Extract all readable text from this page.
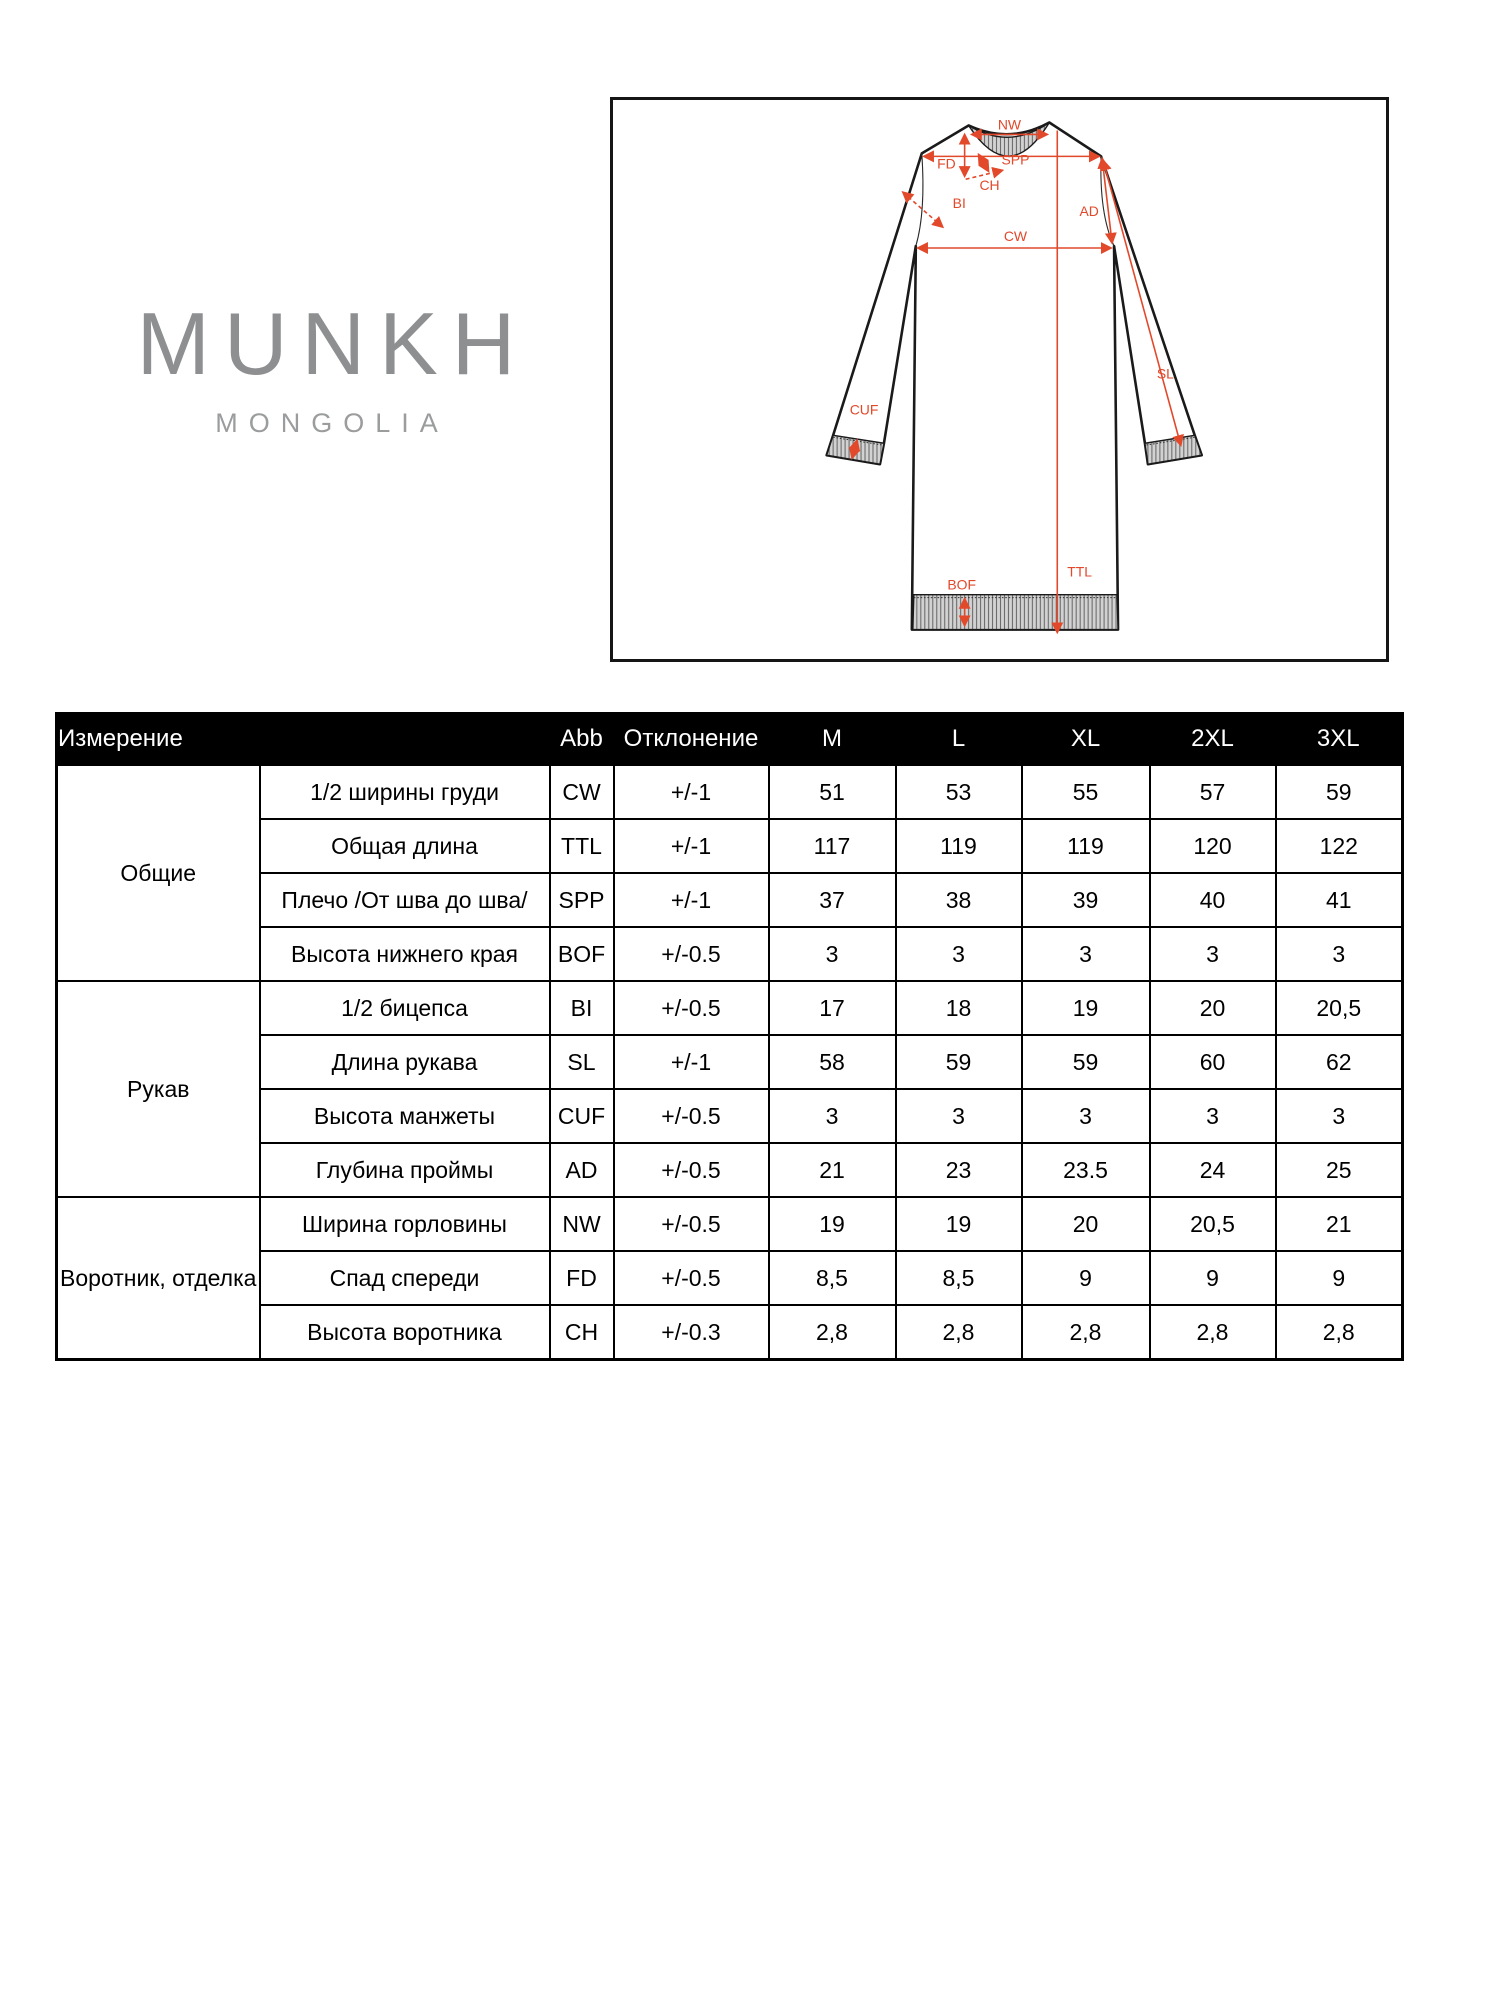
MUNKH
MONGOLIA
NW
SPP
FD
CH
BI	AD
CW
SL
TTL
BOF
CUF
Измерение		Abb	Отклонение	M	L	XL	2XL	3XL
Общие	1/2 ширины груди	CW	+/-1	51	53	55	57	59
	Общая длина	TTL	+/-1	117	119	119	120	122
	Плечо /От шва до шва/	SPP	+/-1	37	38	39	40	41
	Высота нижнего края	BOF	+/-0.5	3	3	3	3	3
Рукав	1/2 бицепса	BI	+/-0.5	17	18	19	20	20,5
	Длина рукава	SL	+/-1	58	59	59	60	62
	Высота манжеты	CUF	+/-0.5	3	3	3	3	3
	Глубина проймы	AD	+/-0.5	21	23	23.5	24	25
Воротник, отделка	Ширина горловины	NW	+/-0.5	19	19	20	20,5	21
	Спад спереди	FD	+/-0.5	8,5	8,5	9	9	9
	Высота воротника	CH	+/-0.3	2,8	2,8	2,8	2,8	2,8
